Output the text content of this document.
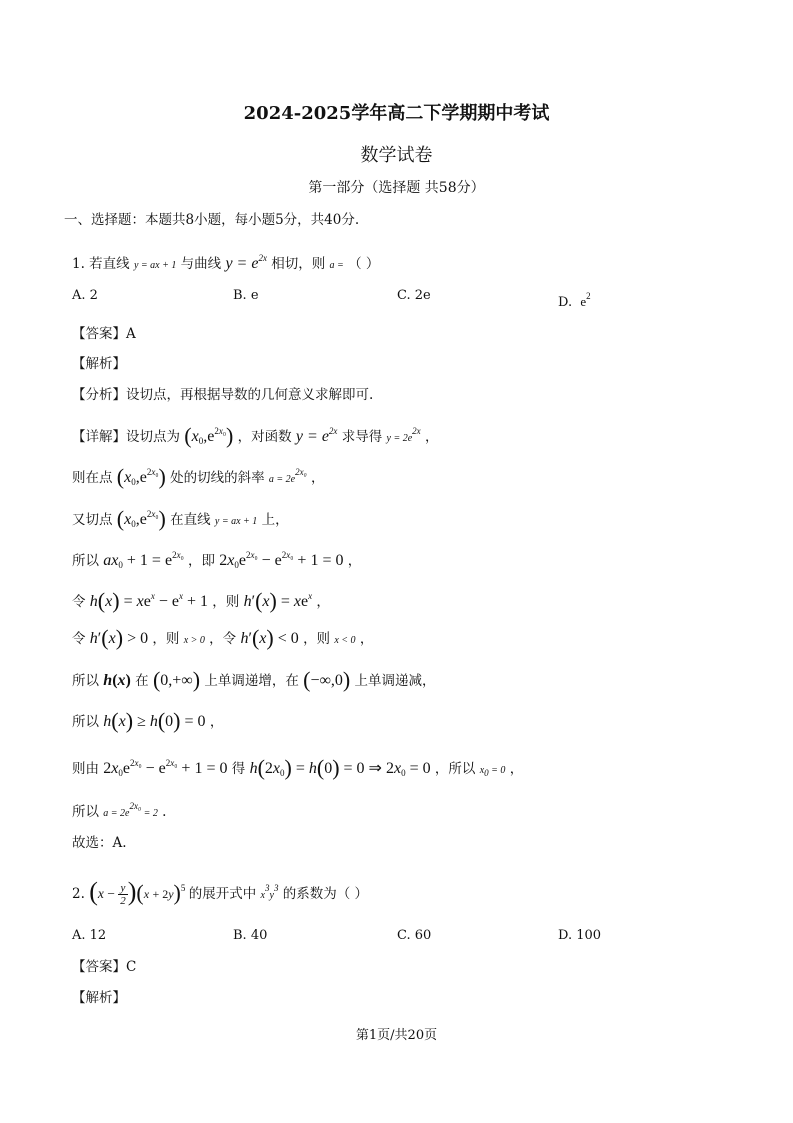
2024-2025学年高二下学期期中考试
数学试卷
第一部分（选择题 共58分）
一、选择题：本题共8小题，每小题5分，共40分.
1. 若直线 y = ax + 1 与曲线 $y = e^{2x}$ 相切，则 a = （ ）
A. 2	B. e	C. 2e	D. $e^2$
【答案】A
【解析】
【分析】设切点，再根据导数的几何意义求解即可.
【详解】设切点为 $(x_0,e^{2x_0})$ ，对函数 $y = e^{2x}$ 求导得 y = 2e2x ，
则在点 $(x_0,e^{2x_0})$ 处的切线的斜率 a = 2e2x₀ ，
又切点 $(x_0,e^{2x_0})$ 在直线 y = ax + 1 上，
所以 $ax_0 + 1 = e^{2x_0}$ ，即 $2x_0e^{2x_0} - e^{2x_0} + 1 = 0$ ，
令 $h(x) = xe^x - e^x + 1$ ，则 $h'(x) = xe^x$ ，
令 h′(x) > 0 ，则 x > 0 ，令 h′(x) < 0 ，则 x < 0 ，
所以 h(x) 在 (0,+∞) 上单调递增，在 (−∞,0) 上单调递减，
所以 h(x) ≥ h(0) = 0 ，
则由 $2x_0e^{2x_0} - e^{2x_0} + 1 = 0$ 得 $h(2x_0) = h(0) = 0$ ⇒ $2x_0 = 0$ ，所以 x0 = 0 ，
所以 a = 2e2x₀ = 2 .
故选：A.
2. $(x - \frac{y}{2} )(x + 2y)^5$ 的展开式中 x3y3 的系数为（ ）
A. 12	B. 40	C. 60	D. 100
【答案】C
【解析】
第1页/共20页
